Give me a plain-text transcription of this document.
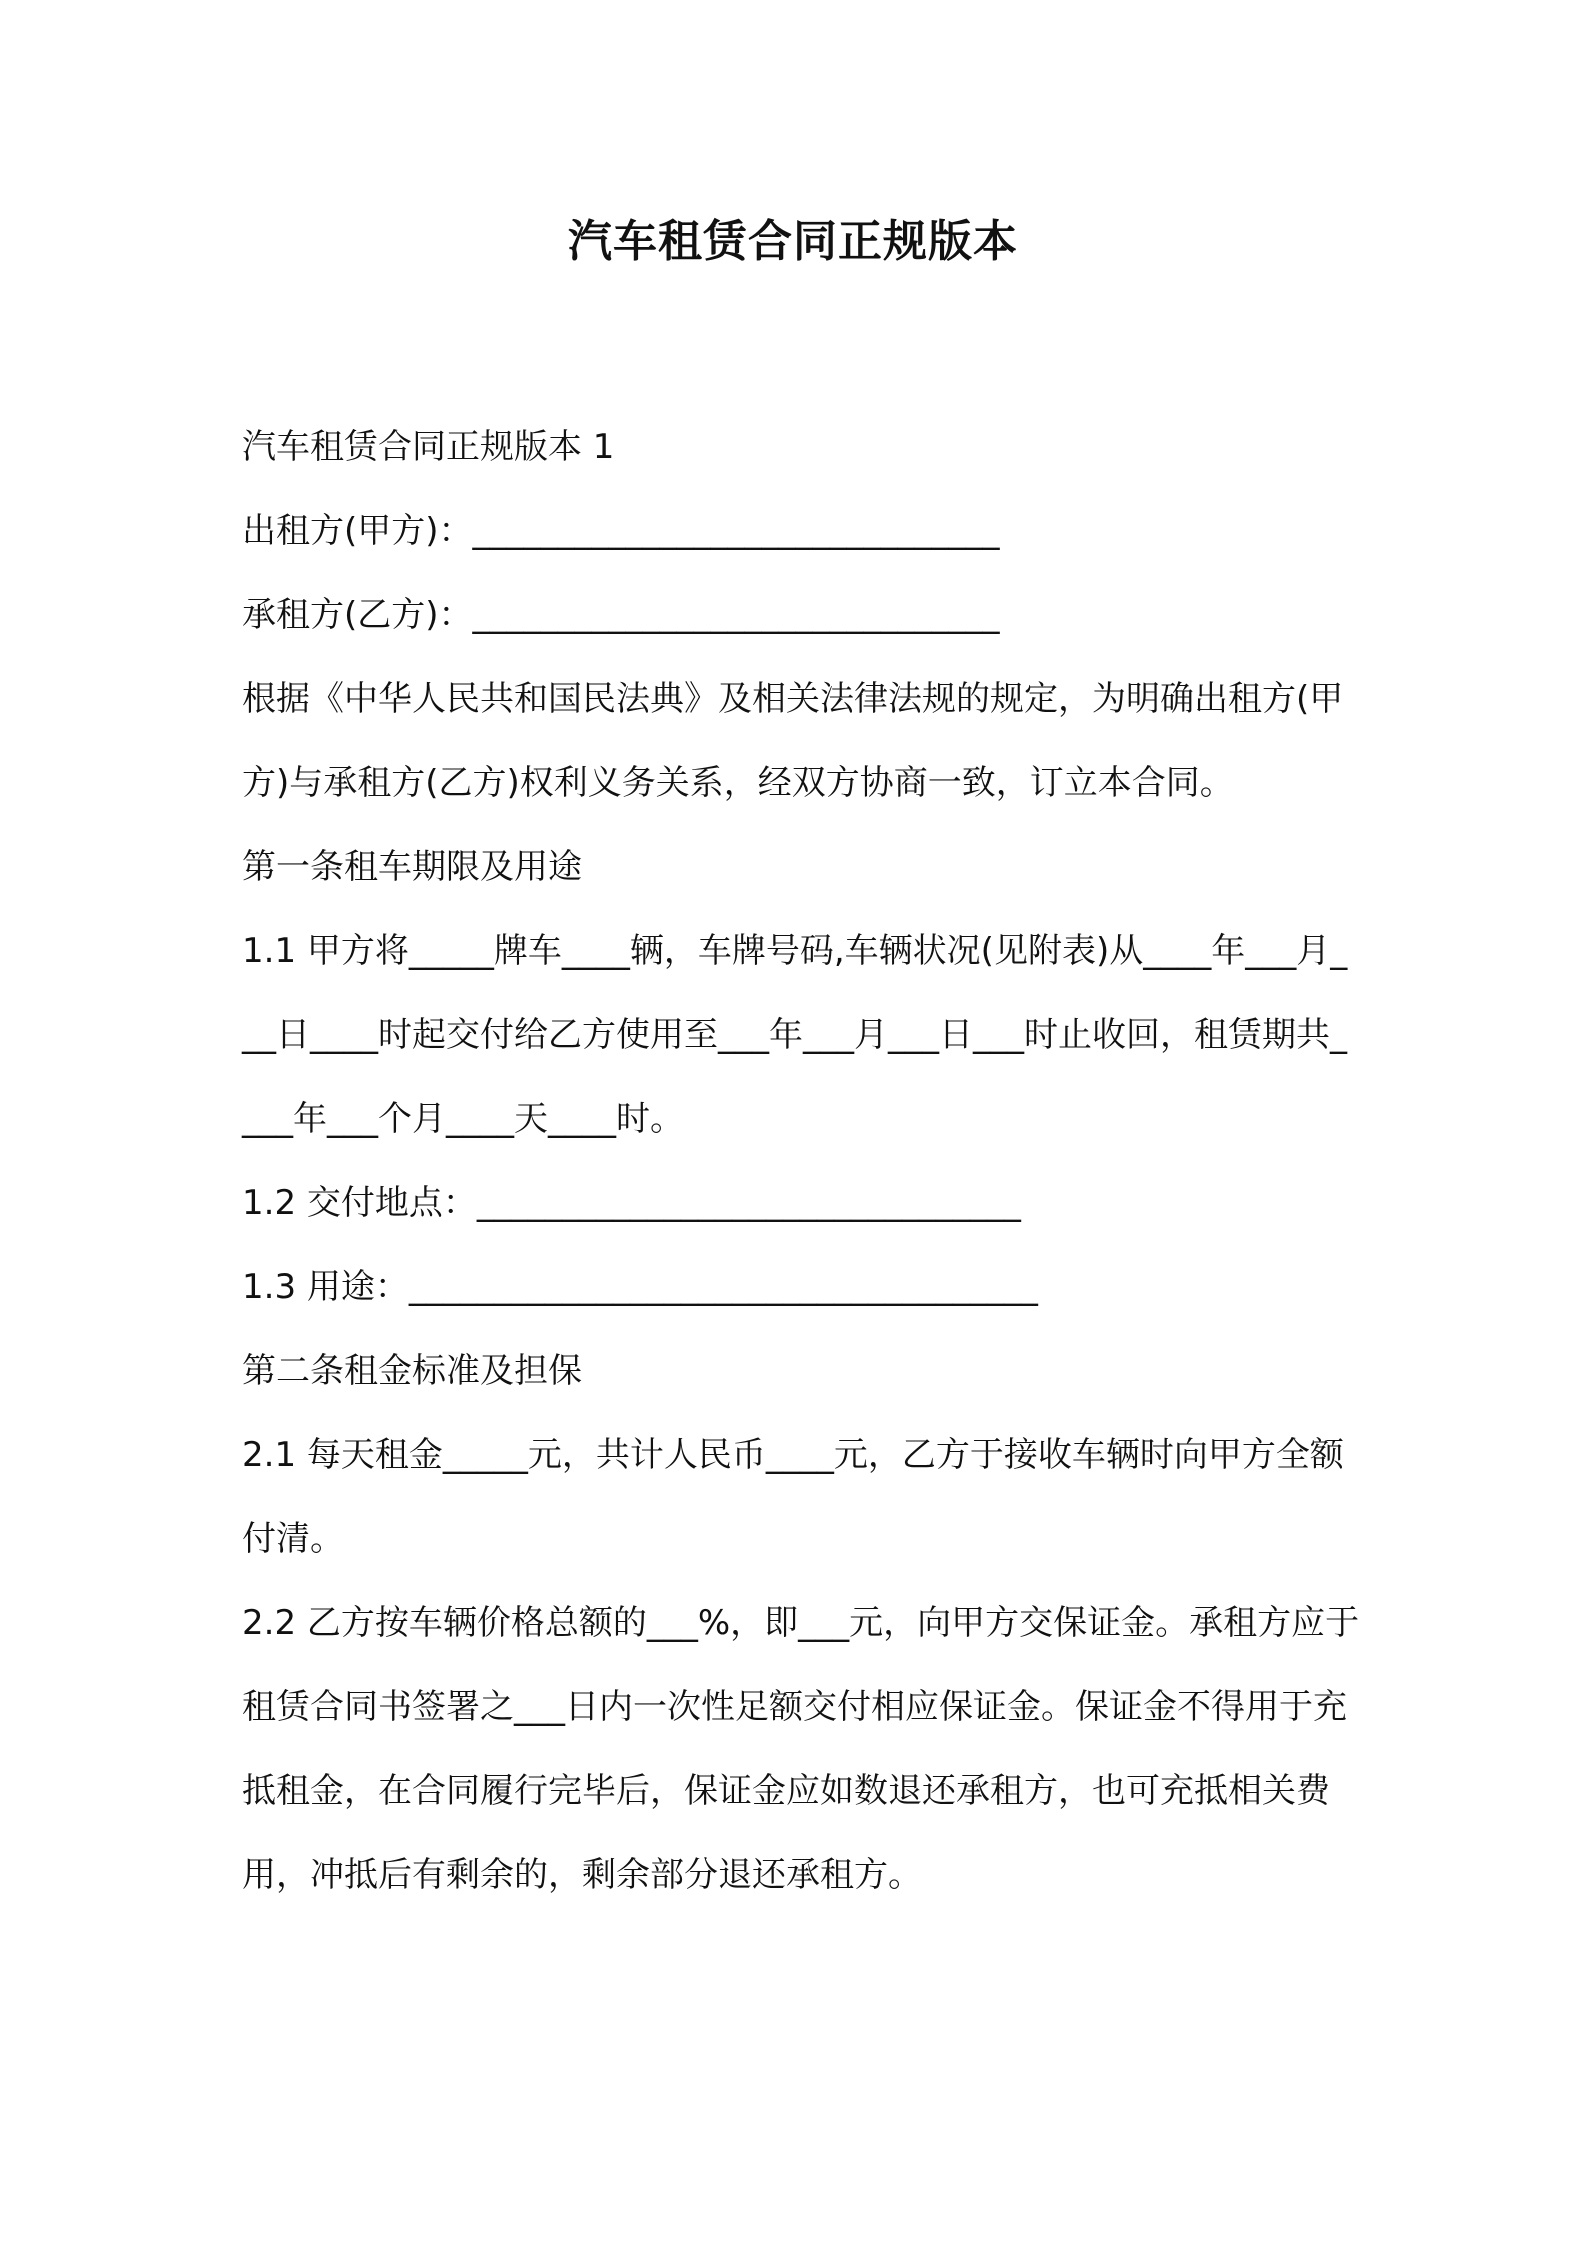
汽车租赁合同正规版本

汽车租赁合同正规版本 1

出租方(甲方)：_______________________________

承租方(乙方)：_______________________________

根据《中华人民共和国民法典》及相关法律法规的规定，为明确出租方(甲方)与承租方(乙方)权利义务关系，经双方协商一致，订立本合同。

第一条租车期限及用途

1.1 甲方将_____牌车____辆，车牌号码,车辆状况(见附表)从____年___月___日____时起交付给乙方使用至___年___月___日___时止收回，租赁期共____年___个月____天____时。

1.2 交付地点：________________________________

1.3 用途：_____________________________________

第二条租金标准及担保

2.1 每天租金_____元，共计人民币____元，乙方于接收车辆时向甲方全额付清。

2.2 乙方按车辆价格总额的___%，即___元，向甲方交保证金。承租方应于租赁合同书签署之___日内一次性足额交付相应保证金。保证金不得用于充抵租金，在合同履行完毕后，保证金应如数退还承租方，也可充抵相关费用，冲抵后有剩余的，剩余部分退还承租方。
